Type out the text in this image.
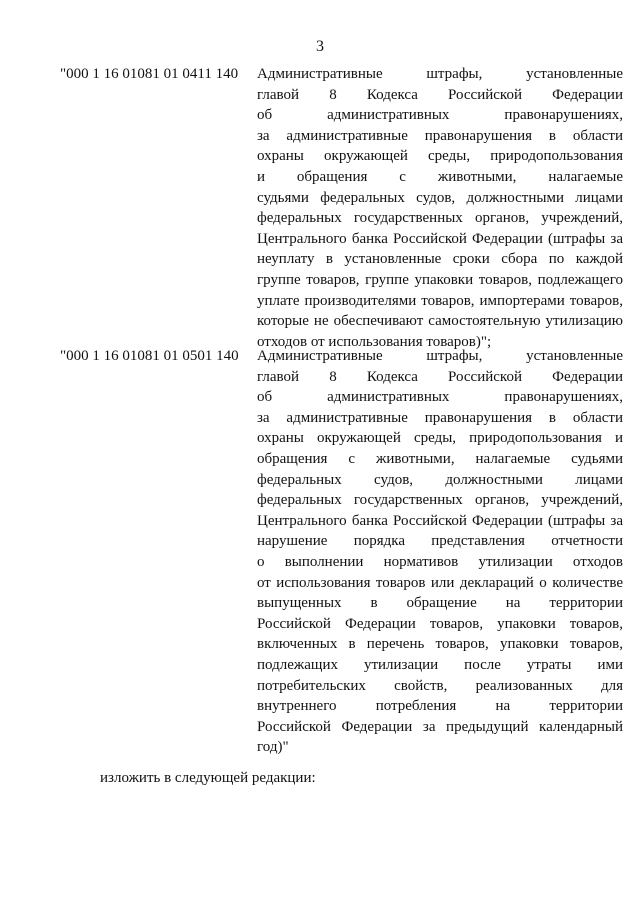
3
"000 1 16 01081 01 0411 140	Административные штрафы, установленные
главой 8 Кодекса Российской Федерации
об административных правонарушениях,
за административные правонарушения в области
охраны окружающей среды, природопользования
и обращения с животными, налагаемые
судьями федеральных судов, должностными лицами
федеральных государственных органов, учреждений,
Центрального банка Российской Федерации (штрафы за
неуплату в установленные сроки сбора по каждой
группе товаров, группе упаковки товаров, подлежащего
уплате производителями товаров, импортерами товаров,
которые не обеспечивают самостоятельную утилизацию
отходов от использования товаров)";
"000 1 16 01081 01 0501 140	Административные штрафы, установленные
главой 8 Кодекса Российской Федерации
об административных правонарушениях,
за административные правонарушения в области
охраны окружающей среды, природопользования и
обращения с животными, налагаемые судьями
федеральных судов, должностными лицами
федеральных государственных органов, учреждений,
Центрального банка Российской Федерации (штрафы за
нарушение порядка представления отчетности
о выполнении нормативов утилизации отходов
от использования товаров или деклараций о количестве
выпущенных в обращение на территории
Российской Федерации товаров, упаковки товаров,
включенных в перечень товаров, упаковки товаров,
подлежащих утилизации после утраты ими
потребительских свойств, реализованных для
внутреннего потребления на территории
Российской Федерации за предыдущий календарный
год)"
изложить в следующей редакции:
